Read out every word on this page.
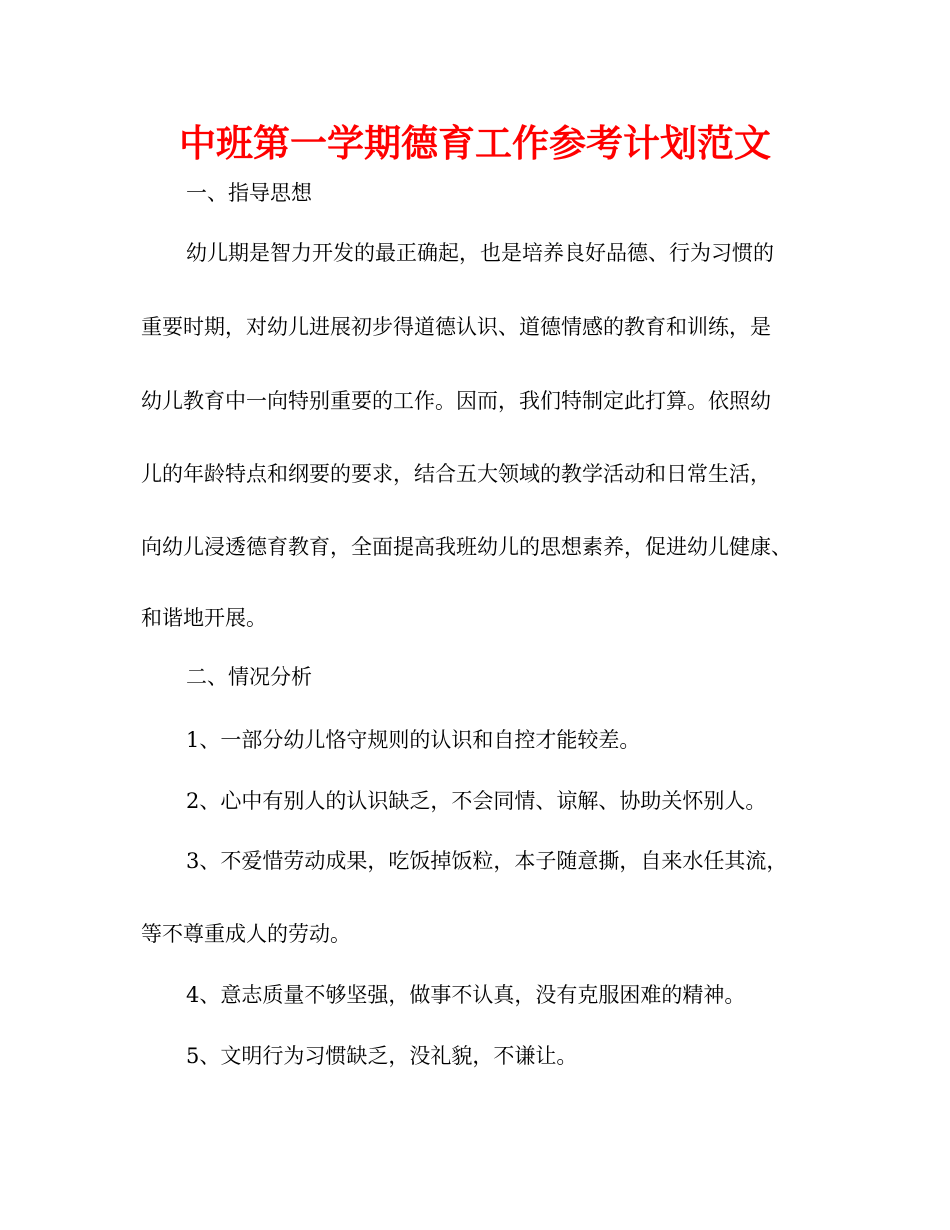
中班第一学期德育工作参考计划范文

一、指导思想

幼儿期是智力开发的最正确起，也是培养良好品德、行为习惯的

重要时期，对幼儿进展初步得道德认识、道德情感的教育和训练，是

幼儿教育中一向特别重要的工作。因而，我们特制定此打算。依照幼

儿的年龄特点和纲要的要求，结合五大领域的教学活动和日常生活，

向幼儿浸透德育教育，全面提高我班幼儿的思想素养，促进幼儿健康、

和谐地开展。

二、情况分析

1、一部分幼儿恪守规则的认识和自控才能较差。

2、心中有别人的认识缺乏，不会同情、谅解、协助关怀别人。

3、不爱惜劳动成果，吃饭掉饭粒，本子随意撕，自来水任其流，

等不尊重成人的劳动。

4、意志质量不够坚强，做事不认真，没有克服困难的精神。

5、文明行为习惯缺乏，没礼貌，不谦让。
